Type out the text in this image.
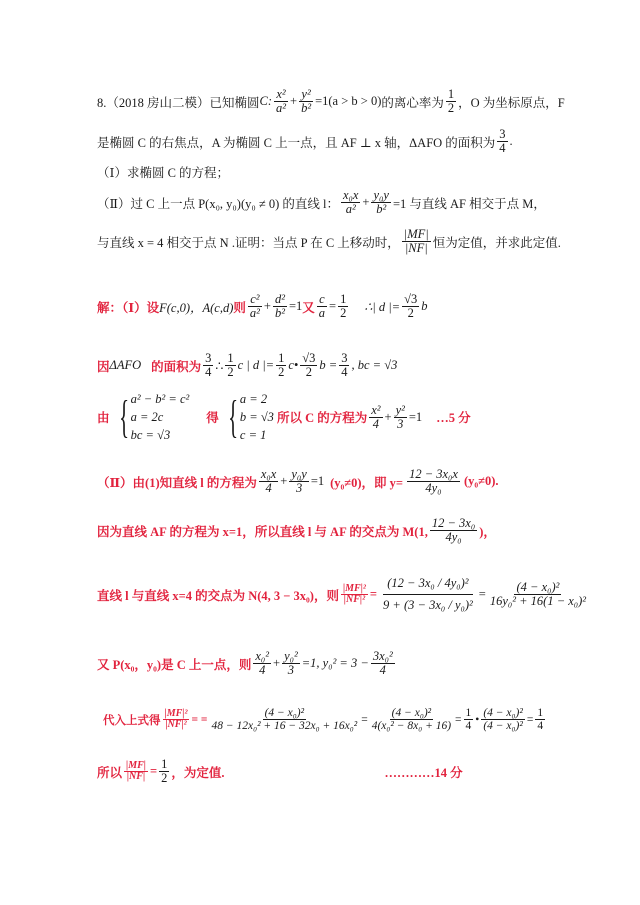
8.（2018 房山二模）已知椭圆 C: $\frac{\text{x²}}{\text{a²}} + \frac{\text{y²}}{\text{b²}} =1(a > b > 0)$ 的离心率为 $\frac{1}{2}$ ，O 为坐标原点，F
是椭圆 C 的右焦点，A 为椭圆 C 上一点，且 AF ⊥ x 轴，ΔAFO 的面积为 $\frac{3}{4}$ .
（Ⅰ）求椭圆 C 的方程；
（Ⅱ）过 C 上一点 P(x₀, y₀)(y₀ ≠ 0) 的直线 l： $\frac{\text{x₀x}}{\text{a²}} + \frac{\text{y₀y}}{\text{b²}} =1$ 与直线 AF 相交于点 M，
与直线 x = 4 相交于点 N .证明：当点 P 在 C 上移动时， $\frac{|MF|}{|NF|}$ 恒为定值，并求此定值.
解：（Ⅰ）设 F(c,0)，A(c,d) 则 $\frac{\text{c²}}{\text{a²}} + \frac{\text{d²}}{\text{b²}} =1$ 又 $\frac{c}{a} = \frac{1}{2}$ ∴| d |= $\frac{√3}{2}$ b
因 ΔAFO 的面积为 $\frac{3}{4}$ ∴ $\frac{1}{2}$ c | d |= $\frac{1}{2}$ c• $\frac{√3}{2}$ $b = \frac{3}{4}$ , bc = √3
由 { a² − b² = c²
a = 2c
bc = √3
得 { a = 2
b = √3
c = 1
所以 C 的方程为 $\frac{\text{x²}}{4} + \frac{\text{y²}}{3} =1$ …5 分
（Ⅱ）由(1)知直线 l 的方程为 $\frac{\text{x₀x}}{4} + \frac{\text{y₀y}}{3} =1$ (y₀≠0)，即 $y= \frac{\text{12 − 3x₀x}}{\text{4y₀}} (y_0\ne 0)$.
因为直线 AF 的方程为 x=1，所以直线 l 与 AF 的交点为 M(1, $\frac{\text{12 − 3x₀}}{\text{4y₀}}$ )，
直线 l 与直线 x=4 的交点为 N(4, 3 − 3x₀)，则 $\frac{\text{|MF|²}}{\text{|NF|²}} = \frac{\text{(12 − 3x₀ / 4y₀)²}}{\text{9 + (3 − 3x₀ / y₀)²}} = \frac{\text{(4 − x₀)²}}{\text{16y₀² + 16(1 − x₀)²}}$
又 P(x₀，y₀)是 C 上一点，则 $\frac{\text{x₀²}}{4} + \frac{\text{y₀²}}{3} =1$, $y_0^2 = 3 - \frac{\text{3x₀²}}{4}$
代入上式得 $\frac{\text{|MF|²}}{\text{|NF|²}}$ = = $\frac{\text{(4 − x₀)²}}{\text{48 − 12x₀² + 16 − 32x₀ + 16x₀²}} = \frac{\text{(4 − x₀)²}}{\text{4(x₀² − 8x₀ + 16)}} = \frac{1}{4}$ • $\frac{\text{(4 − x₀)²}}{\text{(4 − x₀)²}} = \frac{1}{4}$
所以 $\frac{|MF|}{|NF|} = \frac{1}{2}$ ，为定值.	…………14 分
